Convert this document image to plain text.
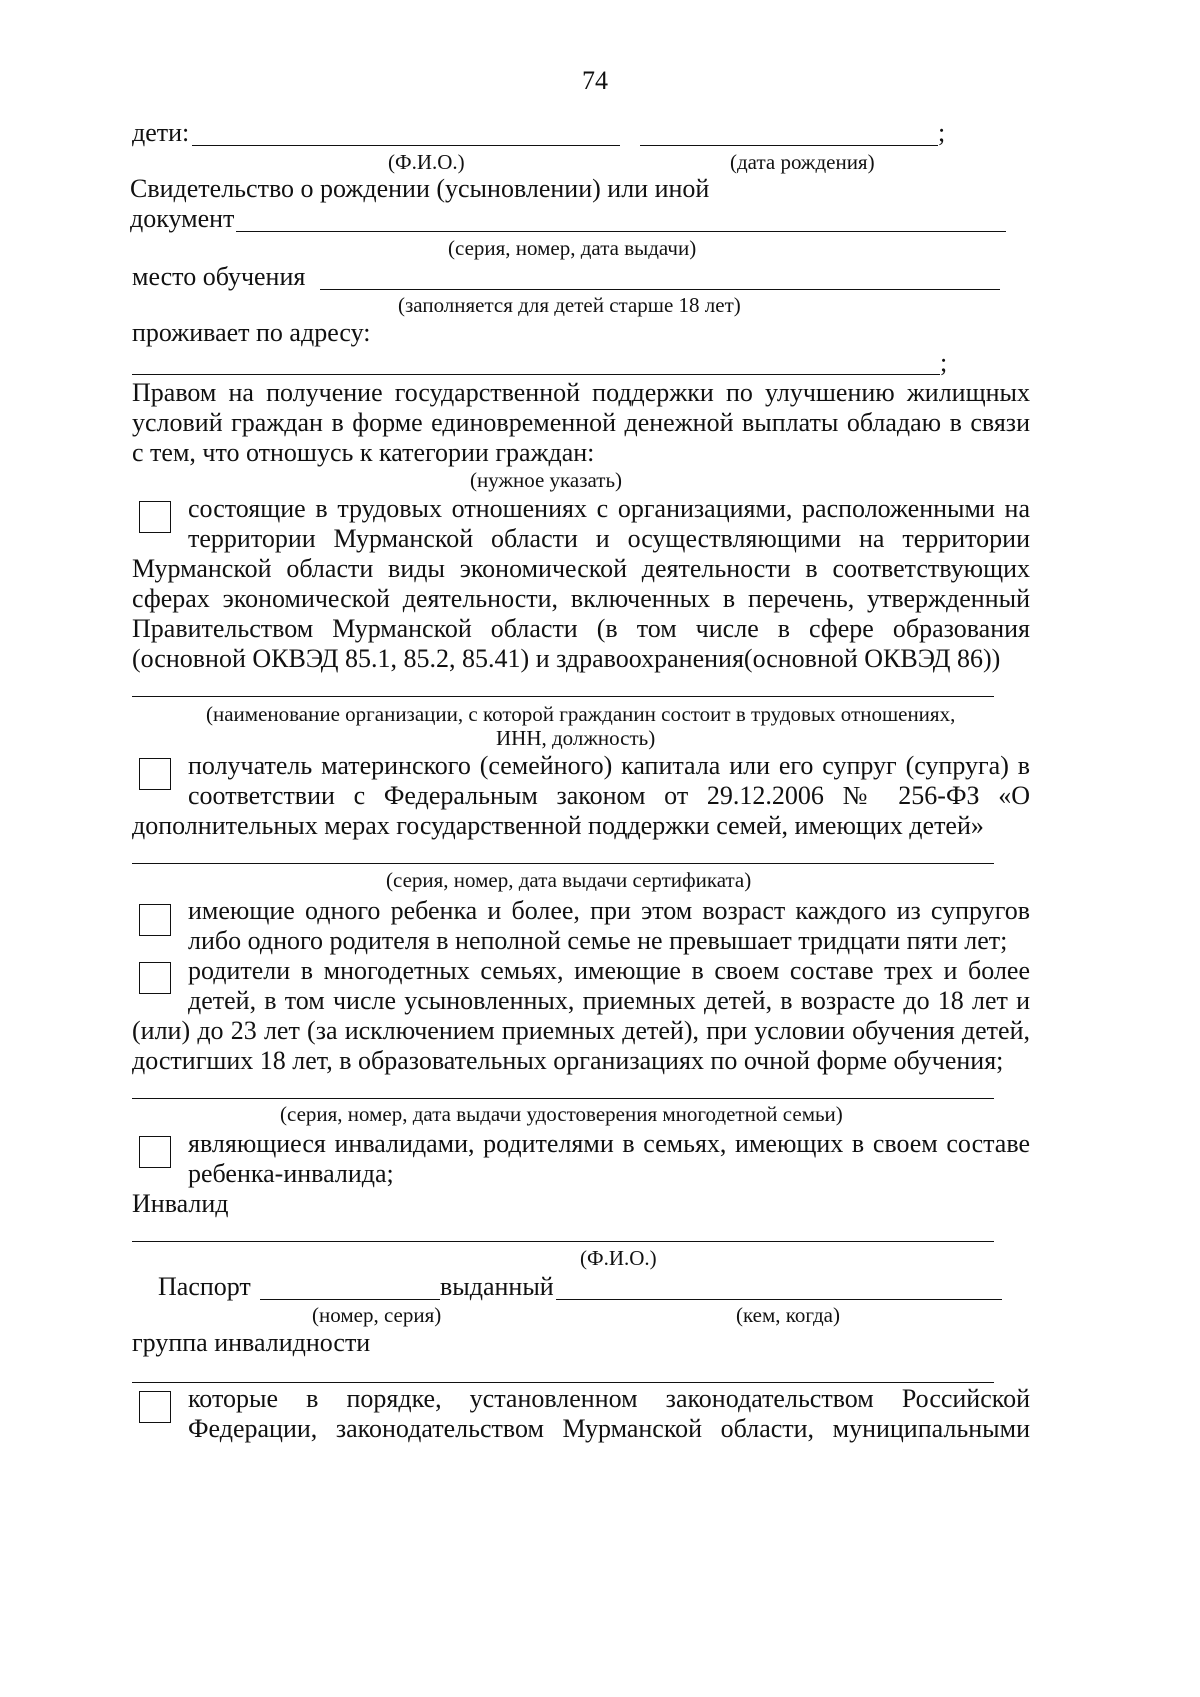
74
дети:	;
(Ф.И.О.)	(дата рождения)
Свидетельство о рождении (усыновлении) или иной
документ
(серия, номер, дата выдачи)
место обучения
(заполняется для детей старше 18 лет)
проживает по адресу:
;
Правом на получение государственной поддержки по улучшению жилищных
условий граждан в форме единовременной денежной выплаты обладаю в связи
с тем, что отношусь к категории граждан:
(нужное указать)
состоящие в трудовых отношениях с организациями, расположенными на
территории Мурманской области и осуществляющими на территории
Мурманской области виды экономической деятельности в соответствующих
сферах экономической деятельности, включенных в перечень, утвержденный
Правительством Мурманской области (в том числе в сфере образования
(основной ОКВЭД 85.1, 85.2, 85.41) и здравоохранения(основной ОКВЭД 86))
(наименование организации, с которой гражданин состоит в трудовых отношениях,
ИНН, должность)
получатель материнского (семейного) капитала или его супруг (супруга) в
соответствии с Федеральным законом от 29.12.2006 № 256-ФЗ «О
дополнительных мерах государственной поддержки семей, имеющих детей»
(серия, номер, дата выдачи сертификата)
имеющие одного ребенка и более, при этом возраст каждого из супругов
либо одного родителя в неполной семье не превышает тридцати пяти лет;
родители в многодетных семьях, имеющие в своем составе трех и более
детей, в том числе усыновленных, приемных детей, в возрасте до 18 лет и
(или) до 23 лет (за исключением приемных детей), при условии обучения детей,
достигших 18 лет, в образовательных организациях по очной форме обучения;
(серия, номер, дата выдачи удостоверения многодетной семьи)
являющиеся инвалидами, родителями в семьях, имеющих в своем составе
ребенка-инвалида;
Инвалид
(Ф.И.О.)
Паспорт	выданный
(номер, серия)	(кем, когда)
группа инвалидности
которые в порядке, установленном законодательством Российской
Федерации, законодательством Мурманской области, муниципальными
